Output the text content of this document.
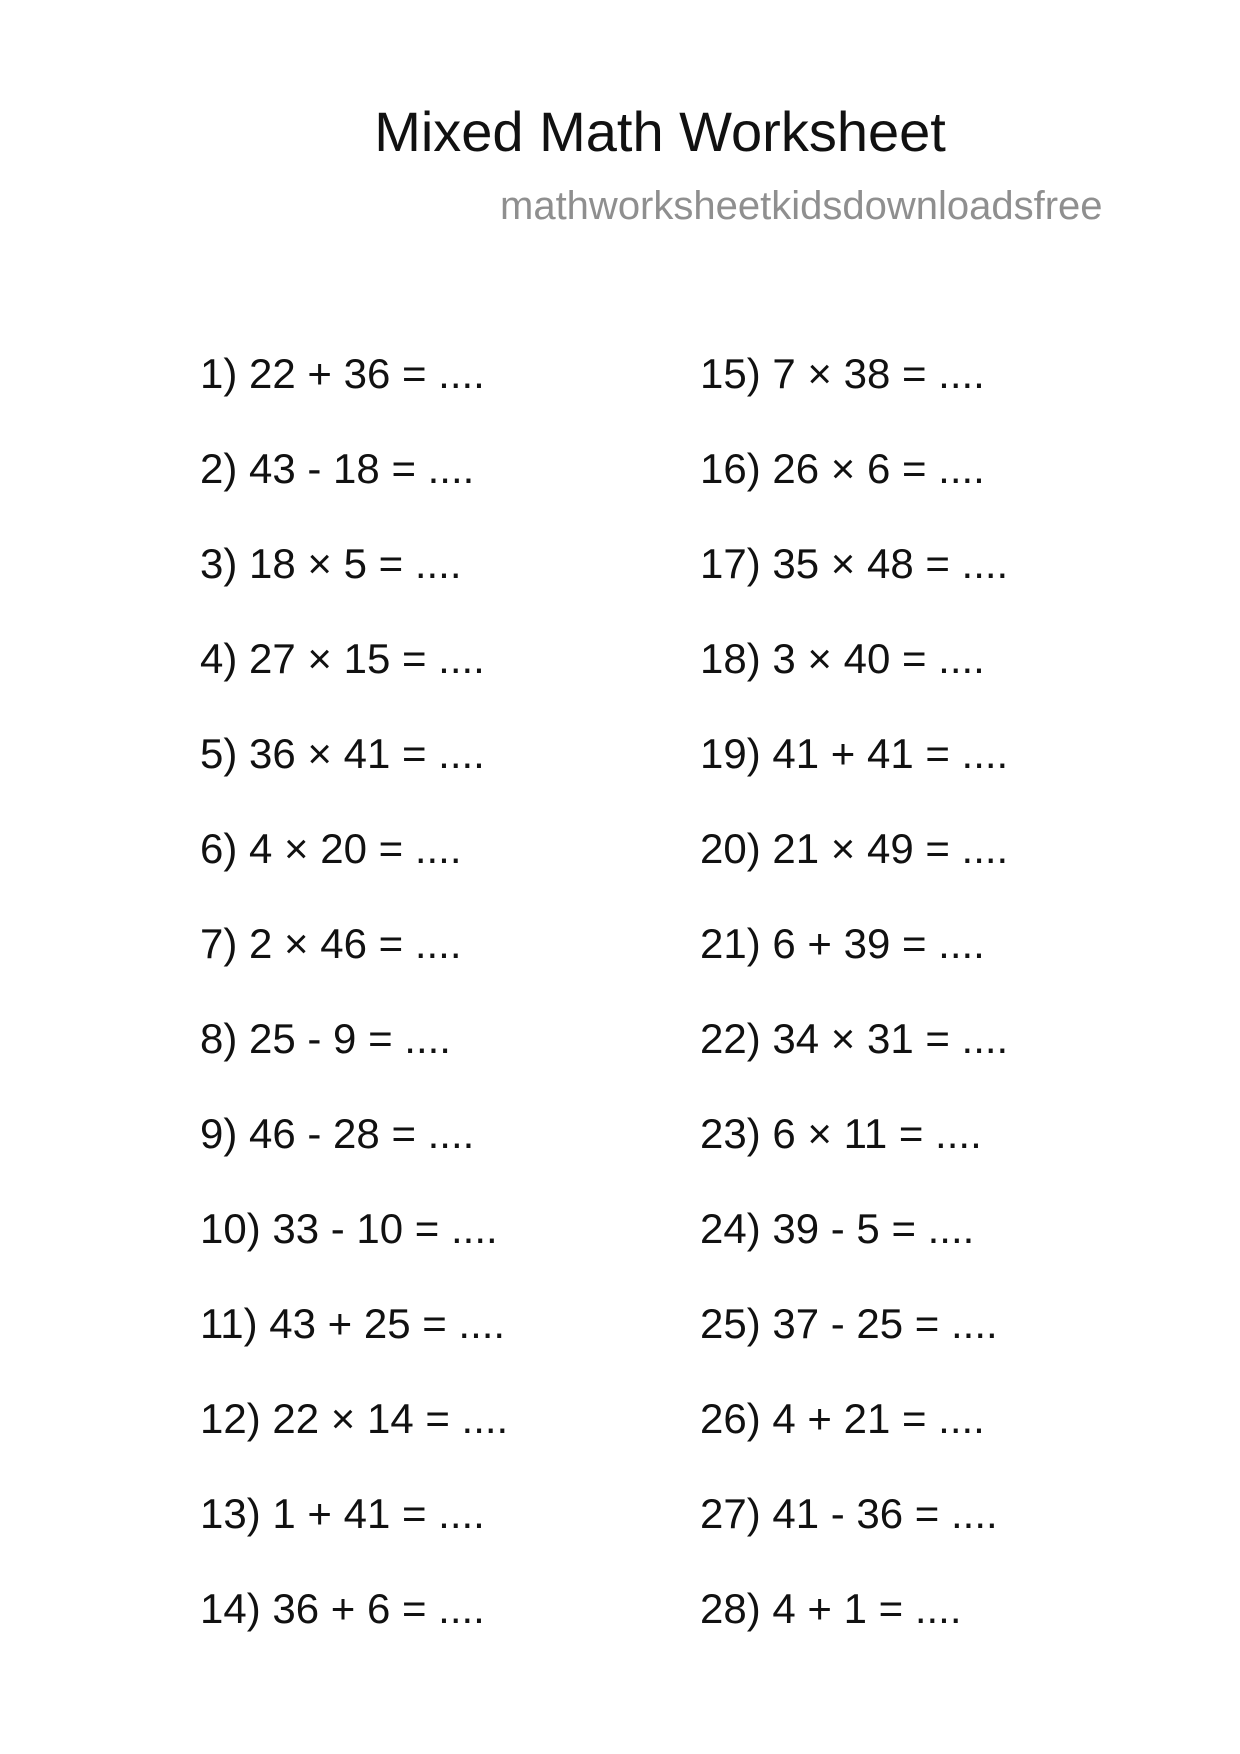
Mixed Math Worksheet
mathworksheetkidsdownloadsfree
1) 22 + 36 = ....
2) 43 - 18 = ....
3) 18 × 5 = ....
4) 27 × 15 = ....
5) 36 × 41 = ....
6) 4 × 20 = ....
7) 2 × 46 = ....
8) 25 - 9 = ....
9) 46 - 28 = ....
10) 33 - 10 = ....
11) 43 + 25 = ....
12) 22 × 14 = ....
13) 1 + 41 = ....
14) 36 + 6 = ....
15) 7 × 38 = ....
16) 26 × 6 = ....
17) 35 × 48 = ....
18) 3 × 40 = ....
19) 41 + 41 = ....
20) 21 × 49 = ....
21) 6 + 39 = ....
22) 34 × 31 = ....
23) 6 × 11 = ....
24) 39 - 5 = ....
25) 37 - 25 = ....
26) 4 + 21 = ....
27) 41 - 36 = ....
28) 4 + 1 = ....
